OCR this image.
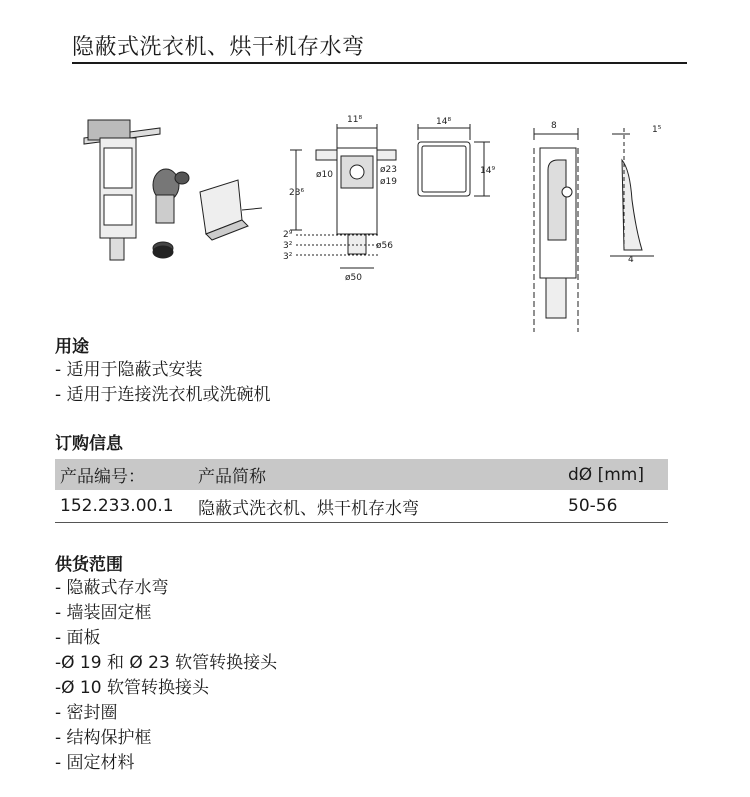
隐蔽式洗衣机、烘干机存水弯
11⁸
ø10	ø23
ø19
23⁶
2⁹
3²
3²
ø56
ø50
14⁸
14⁹
8	1⁵
4
用途
- 适用于隐蔽式安装
- 适用于连接洗衣机或洗碗机
订购信息
产品编号：	产品简称	dØ [mm]
152.233.00.1	隐蔽式洗衣机、烘干机存水弯	50-56
供货范围
- 隐蔽式存水弯
- 墙装固定框
- 面板
-Ø 19 和 Ø 23 软管转换接头
-Ø 10 软管转换接头
- 密封圈
- 结构保护框
- 固定材料
